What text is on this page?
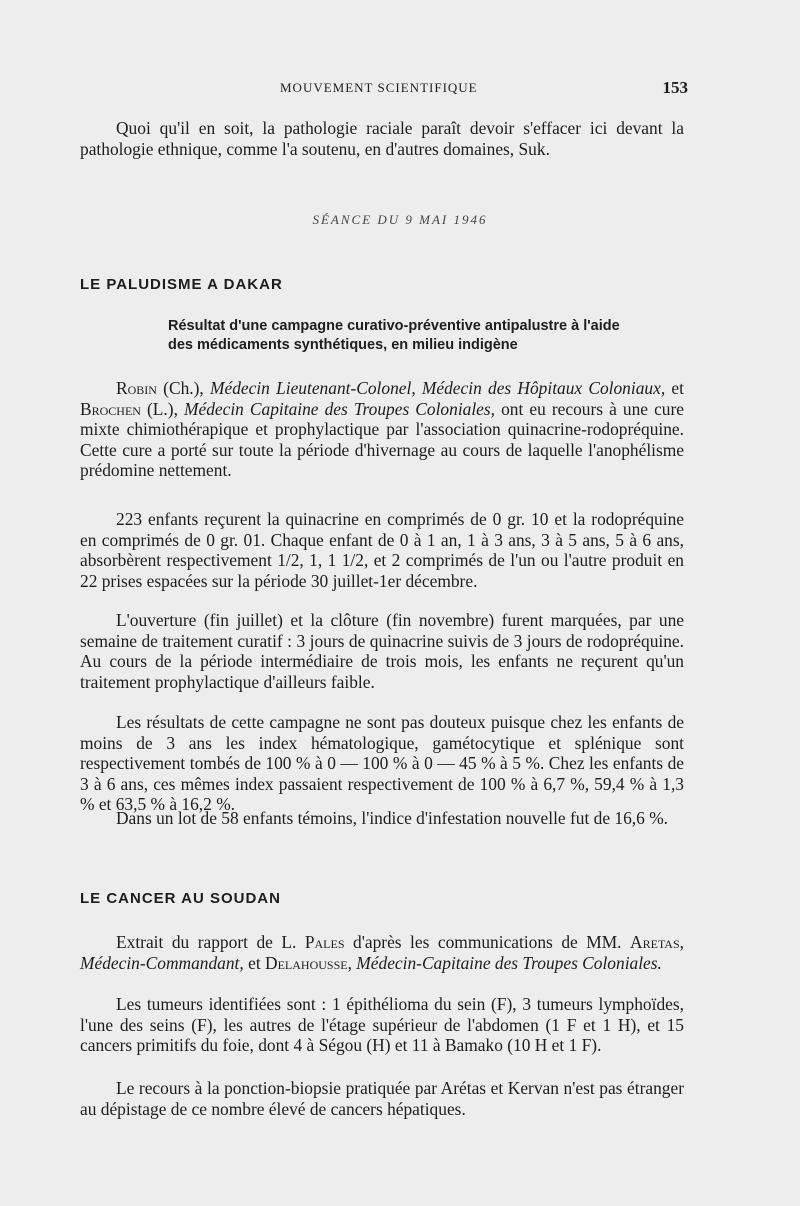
MOUVEMENT SCIENTIFIQUE	153

Quoi qu'il en soit, la pathologie raciale paraît devoir s'effacer ici devant la pathologie ethnique, comme l'a soutenu, en d'autres domaines, Suk.

SÉANCE DU 9 MAI 1946
LE PALUDISME A DAKAR
Résultat d'une campagne curativo-préventive antipalustre à l'aide des médicaments synthétiques, en milieu indigène

Robin (Ch.), Médecin Lieutenant-Colonel, Médecin des Hôpitaux Coloniaux, et Brochen (L.), Médecin Capitaine des Troupes Coloniales, ont eu recours à une cure mixte chimiothérapique et prophylactique par l'association quinacrine-rodopréquine. Cette cure a porté sur toute la période d'hivernage au cours de laquelle l'anophélisme prédomine nettement.

223 enfants reçurent la quinacrine en comprimés de 0 gr. 10 et la rodopréquine en comprimés de 0 gr. 01. Chaque enfant de 0 à 1 an, 1 à 3 ans, 3 à 5 ans, 5 à 6 ans, absorbèrent respectivement 1/2, 1, 1 1/2, et 2 comprimés de l'un ou l'autre produit en 22 prises espacées sur la période 30 juillet-1er décembre.

L'ouverture (fin juillet) et la clôture (fin novembre) furent marquées, par une semaine de traitement curatif : 3 jours de quinacrine suivis de 3 jours de rodopréquine. Au cours de la période intermédiaire de trois mois, les enfants ne reçurent qu'un traitement prophylactique d'ailleurs faible.

Les résultats de cette campagne ne sont pas douteux puisque chez les enfants de moins de 3 ans les index hématologique, gamétocytique et splénique sont respectivement tombés de 100 % à 0 — 100 % à 0 — 45 % à 5 %. Chez les enfants de 3 à 6 ans, ces mêmes index passaient respectivement de 100 % à 6,7 %, 59,4 % à 1,3 % et 63,5 % à 16,2 %.

Dans un lot de 58 enfants témoins, l'indice d'infestation nouvelle fut de 16,6 %.

LE CANCER AU SOUDAN

Extrait du rapport de L. Pales d'après les communications de MM. Aretas, Médecin-Commandant, et Delahousse, Médecin-Capitaine des Troupes Coloniales.

Les tumeurs identifiées sont : 1 épithélioma du sein (F), 3 tumeurs lymphoïdes, l'une des seins (F), les autres de l'étage supérieur de l'abdomen (1 F et 1 H), et 15 cancers primitifs du foie, dont 4 à Ségou (H) et 11 à Bamako (10 H et 1 F).

Le recours à la ponction-biopsie pratiquée par Arétas et Kervan n'est pas étranger au dépistage de ce nombre élevé de cancers hépatiques.
